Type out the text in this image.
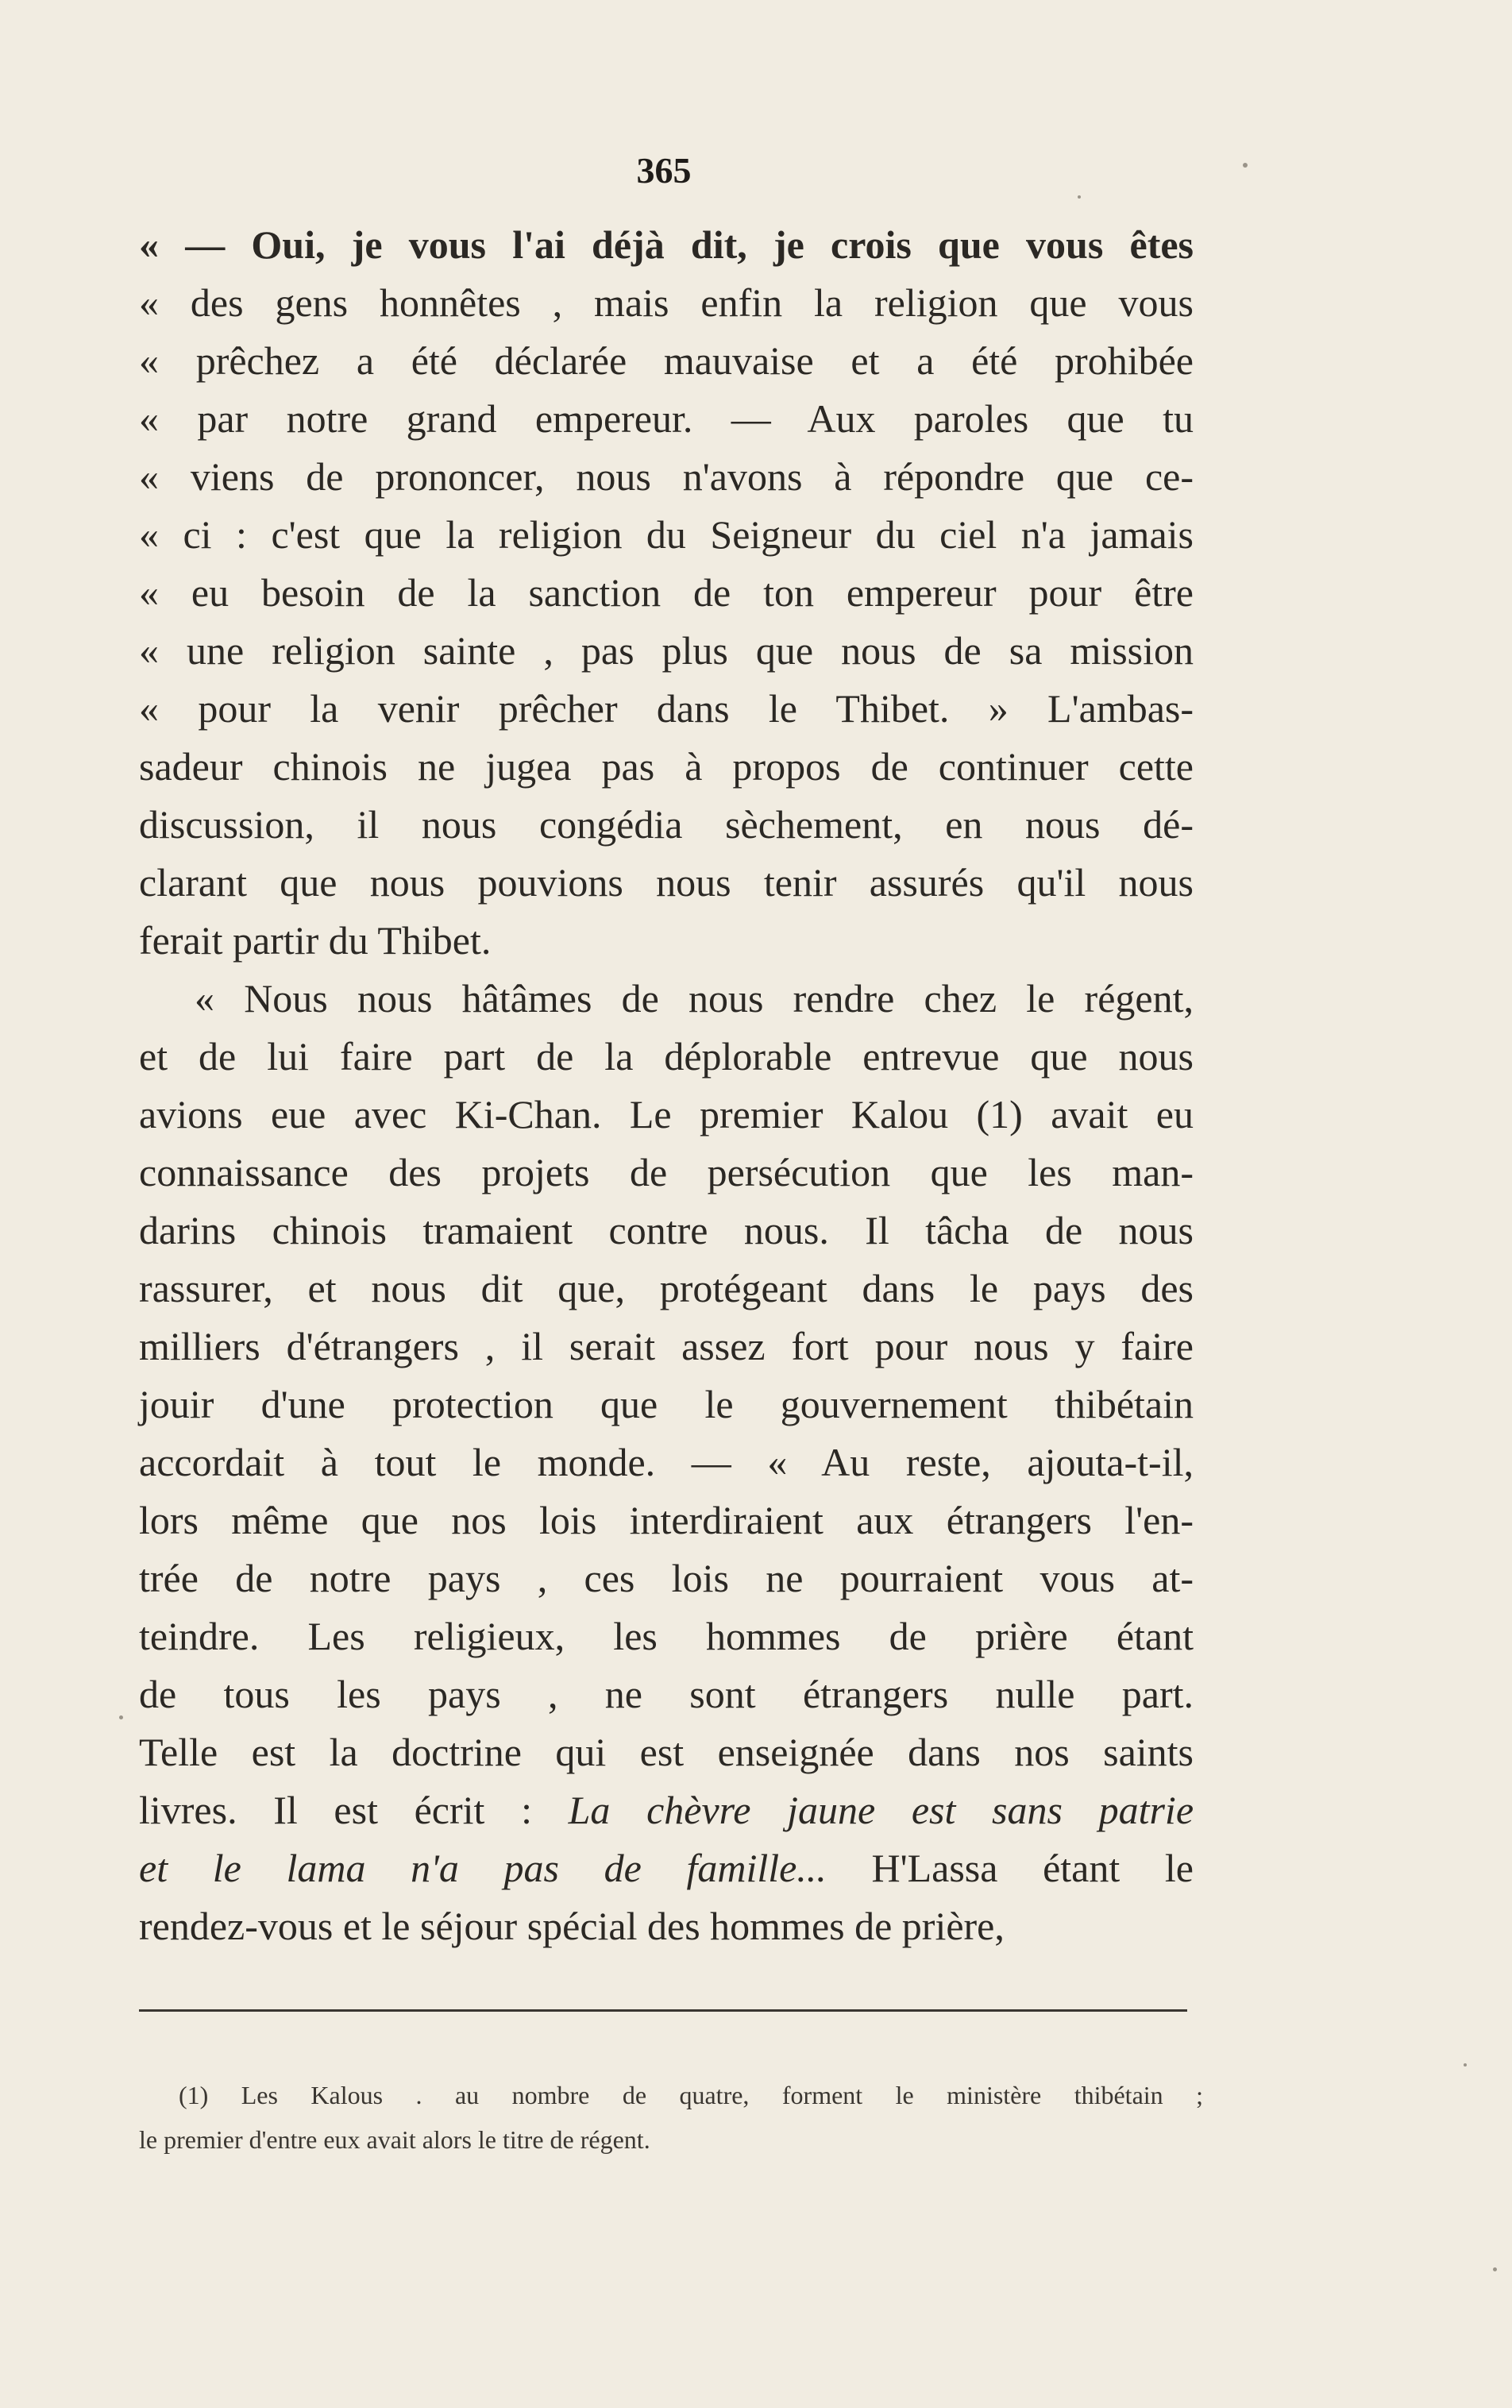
365
« — Oui, je vous l'ai déjà dit, je crois que vous êtes
« des gens honnêtes , mais enfin la religion que vous
« prêchez a été déclarée mauvaise et a été prohibée
« par notre grand empereur. — Aux paroles que tu
« viens de prononcer, nous n'avons à répondre que ce-
« ci : c'est que la religion du Seigneur du ciel n'a jamais
« eu besoin de la sanction de ton empereur pour être
« une religion sainte , pas plus que nous de sa mission
« pour la venir prêcher dans le Thibet. » L'ambas-
sadeur chinois ne jugea pas à propos de continuer cette
discussion, il nous congédia sèchement, en nous dé-
clarant que nous pouvions nous tenir assurés qu'il nous
ferait partir du Thibet.
« Nous nous hâtâmes de nous rendre chez le régent,
et de lui faire part de la déplorable entrevue que nous
avions eue avec Ki-Chan. Le premier Kalou (1) avait eu
connaissance des projets de persécution que les man-
darins chinois tramaient contre nous. Il tâcha de nous
rassurer, et nous dit que, protégeant dans le pays des
milliers d'étrangers , il serait assez fort pour nous y faire
jouir d'une protection que le gouvernement thibétain
accordait à tout le monde. — « Au reste, ajouta-t-il,
lors même que nos lois interdiraient aux étrangers l'en-
trée de notre pays , ces lois ne pourraient vous at-
teindre. Les religieux, les hommes de prière étant
de tous les pays , ne sont étrangers nulle part.
Telle est la doctrine qui est enseignée dans nos saints
livres. Il est écrit : La chèvre jaune est sans patrie
et le lama n'a pas de famille... H'Lassa étant le
rendez-vous et le séjour spécial des hommes de prière,
(1) Les Kalous . au nombre de quatre, forment le ministère thibétain ;
le premier d'entre eux avait alors le titre de régent.
